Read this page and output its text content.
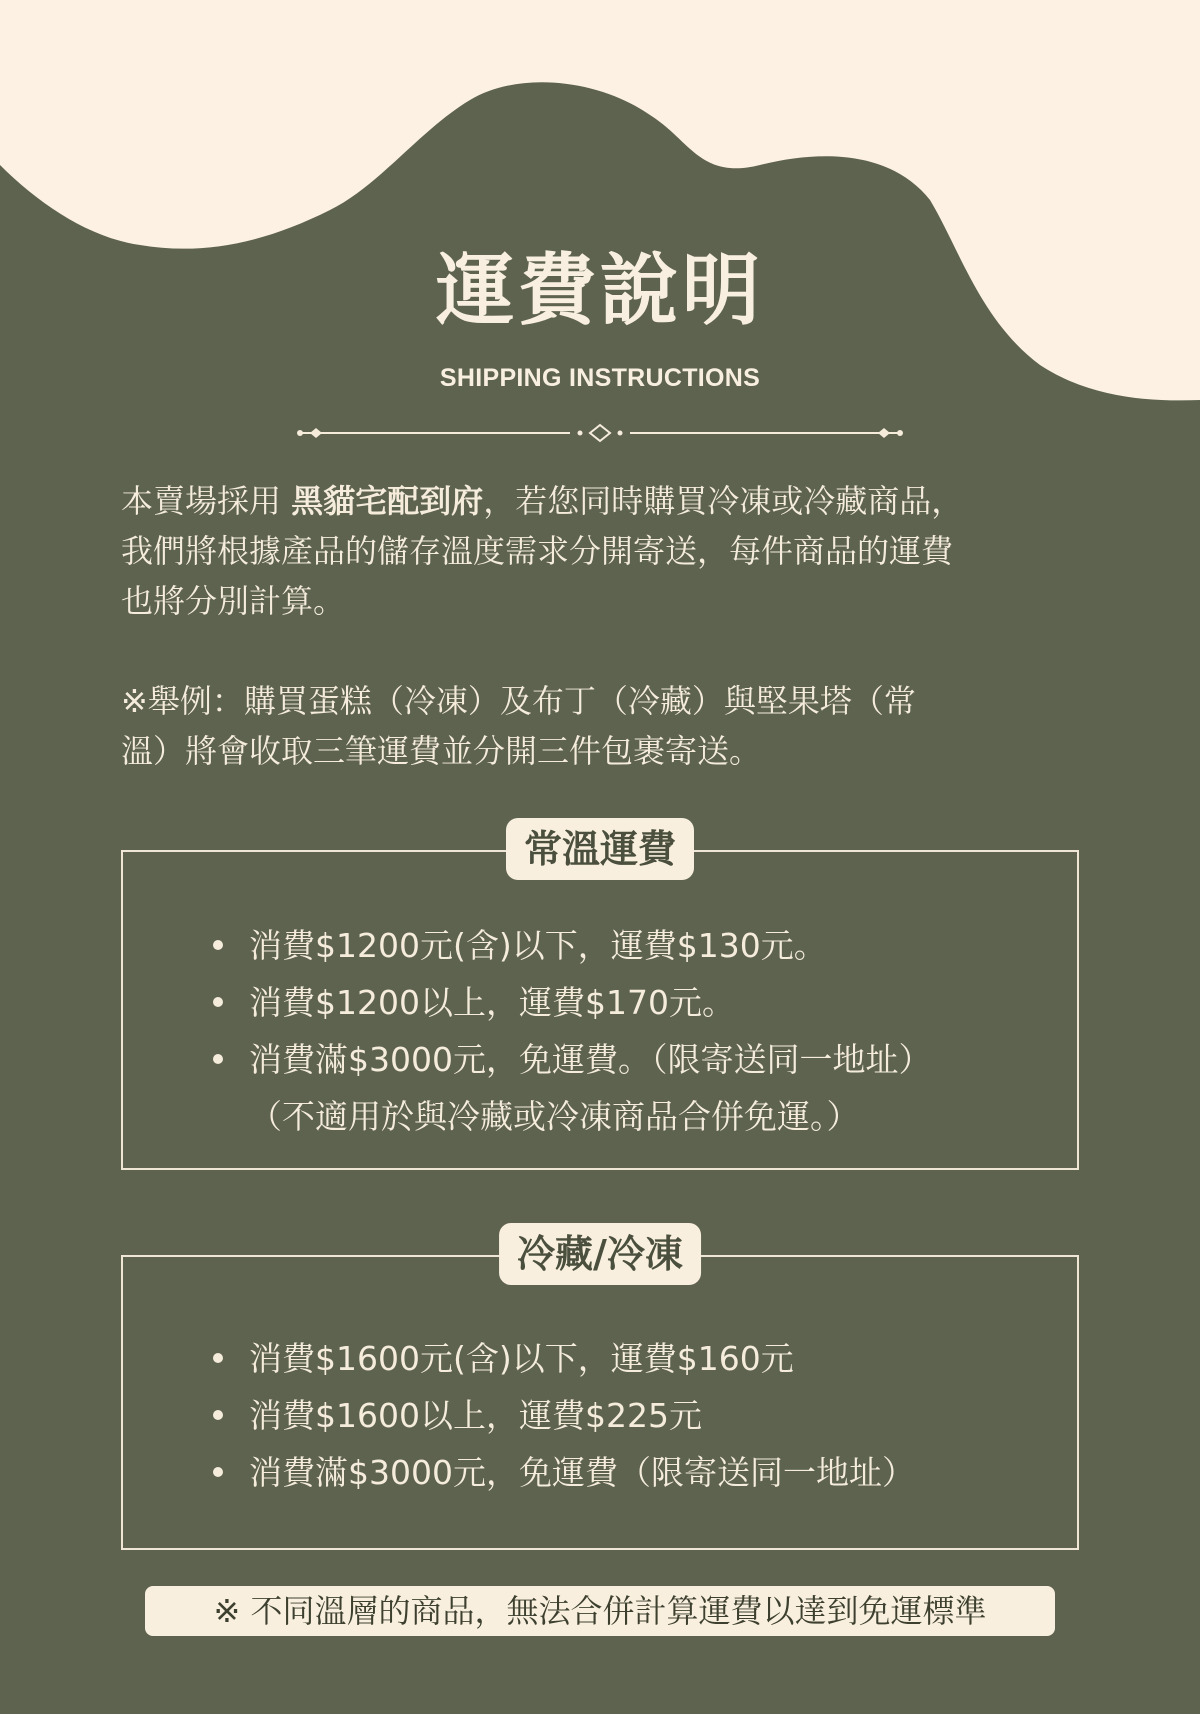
運費說明
SHIPPING INSTRUCTIONS

本賣場採用 黑貓宅配到府，若您同時購買冷凍或冷藏商品，
我們將根據產品的儲存溫度需求分開寄送，每件商品的運費
也將分別計算。

※舉例：購買蛋糕（冷凍）及布丁（冷藏）與堅果塔（常
溫）將會收取三筆運費並分開三件包裹寄送。

常溫運費
消費$1200元(含)以下，運費$130元。
消費$1200以上，運費$170元。
消費滿$3000元，免運費。（限寄送同一地址）
（不適用於與冷藏或冷凍商品合併免運。）
冷藏/冷凍
消費$1600元(含)以下，運費$160元
消費$1600以上，運費$225元
消費滿$3000元，免運費（限寄送同一地址）
※ 不同溫層的商品，無法合併計算運費以達到免運標準
